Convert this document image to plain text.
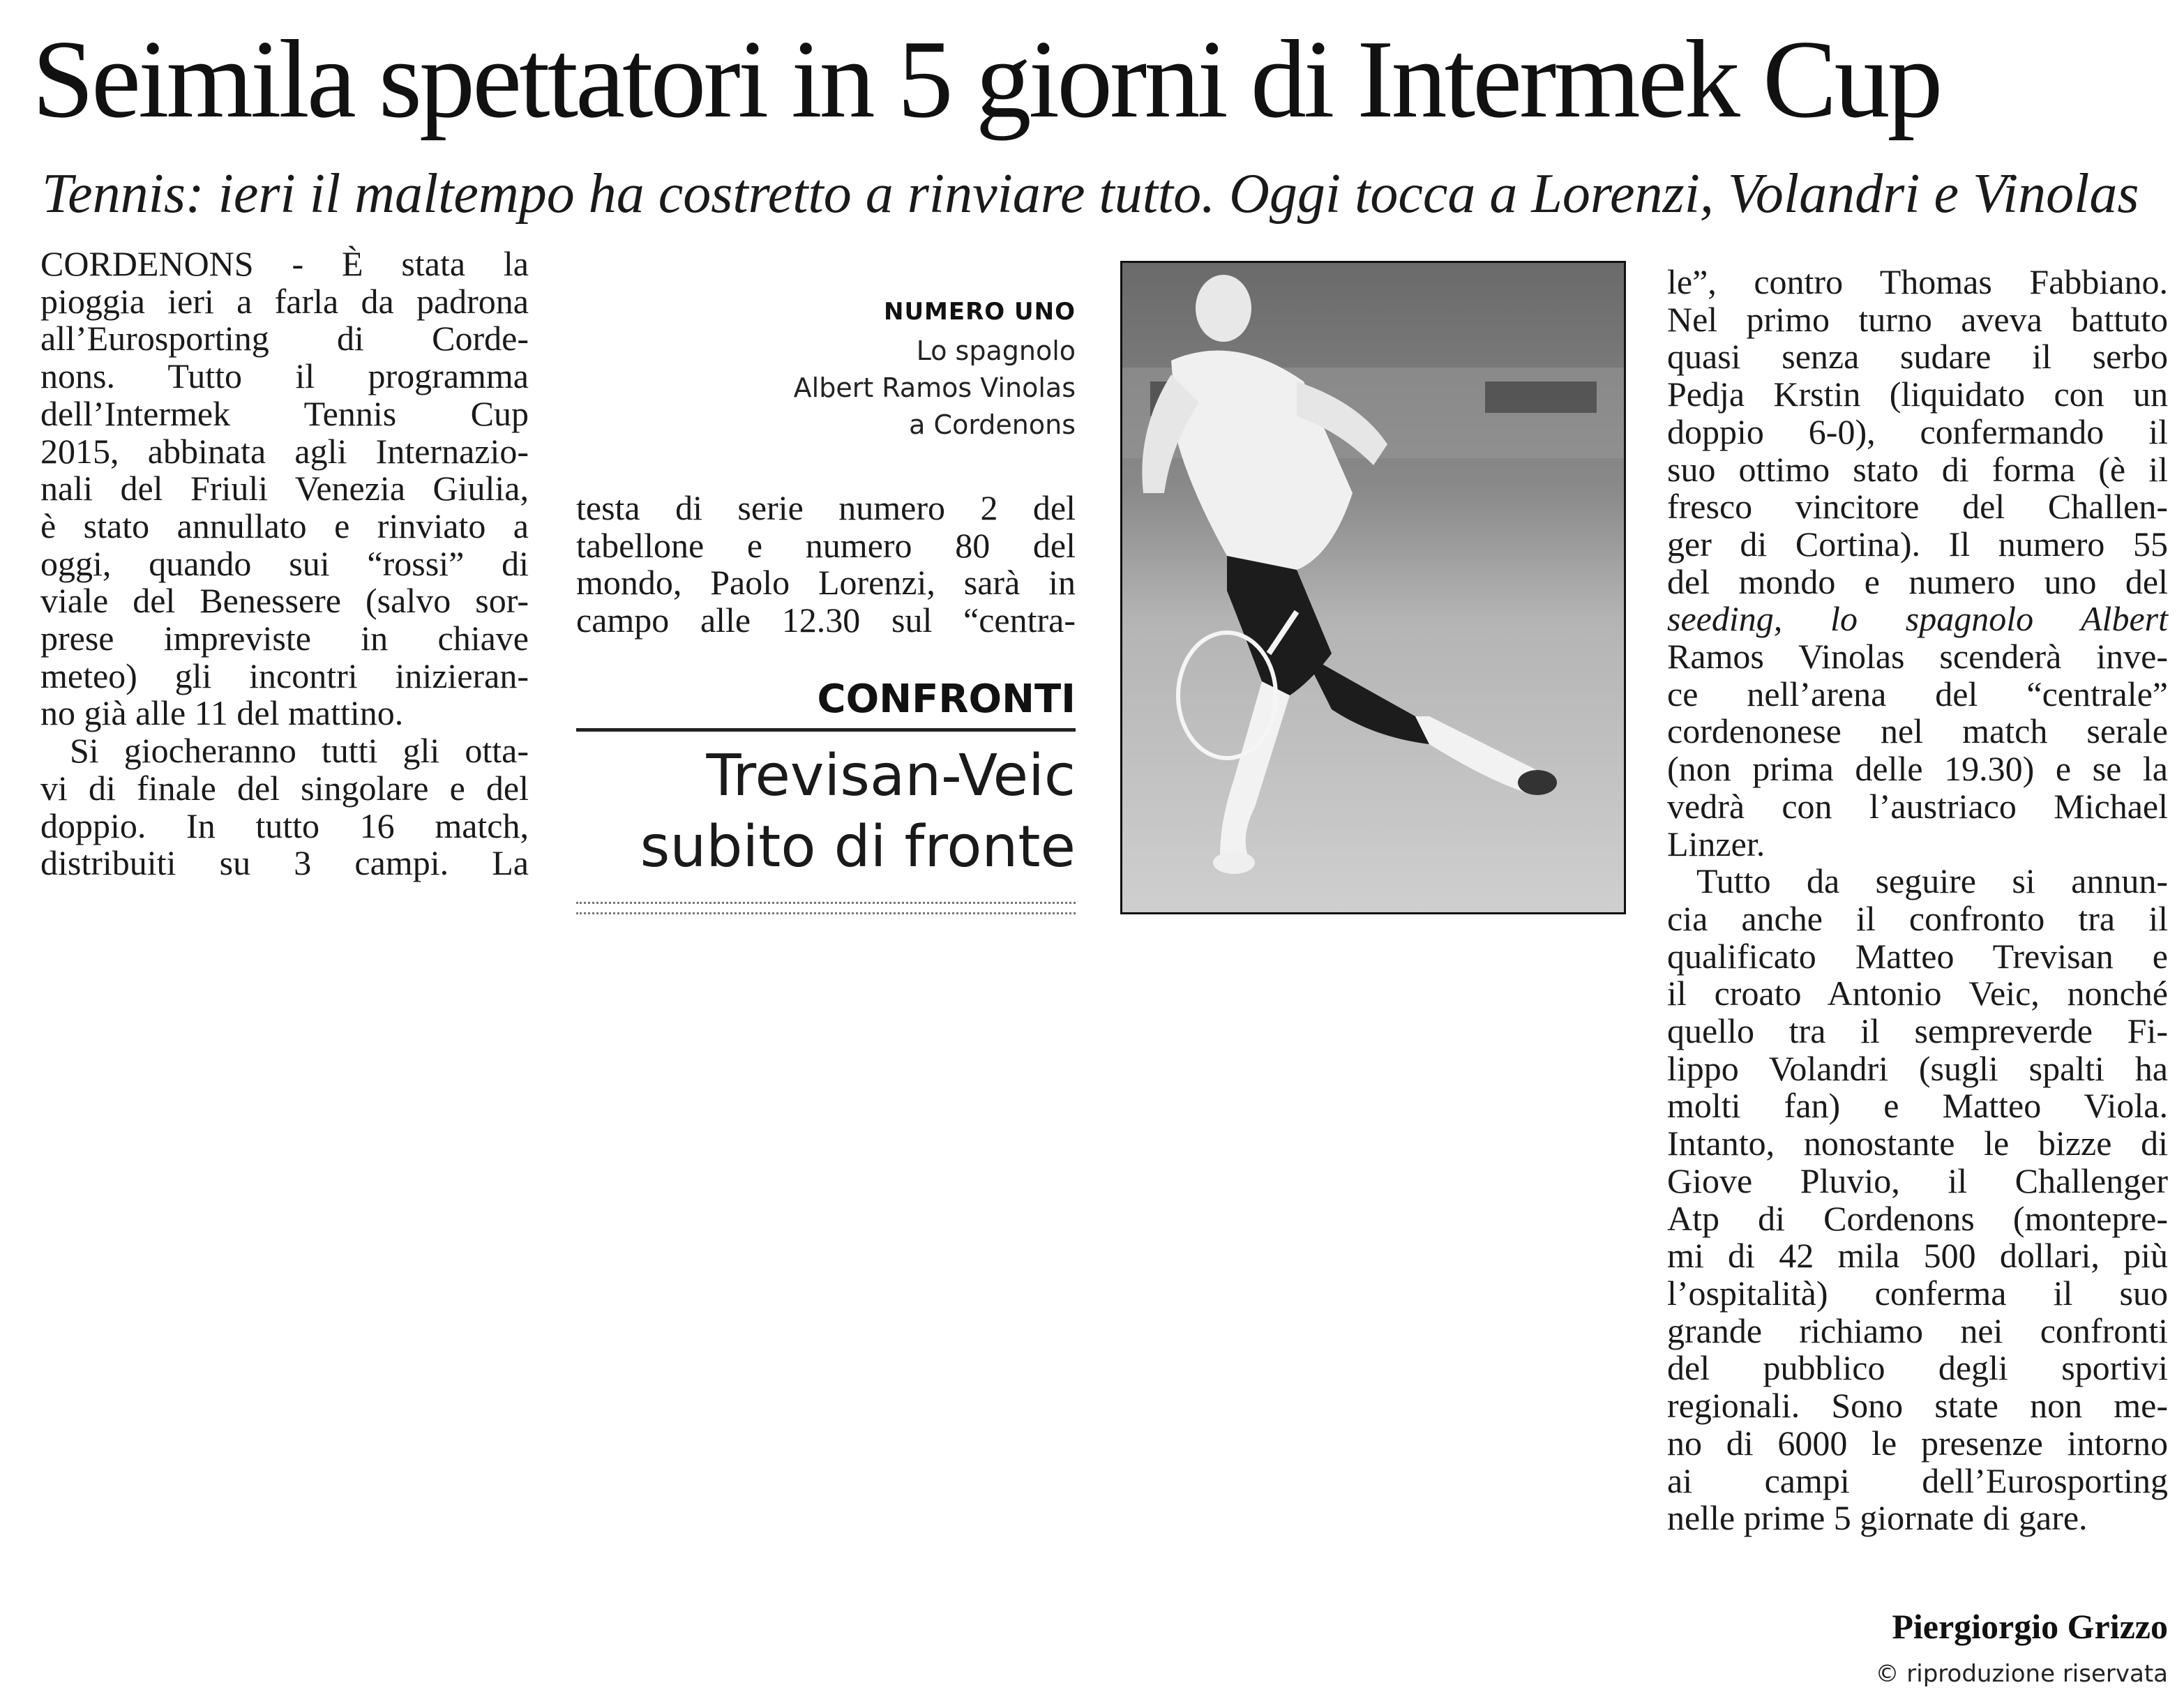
Seimila spettatori in 5 giorni di Intermek Cup
Tennis: ieri il maltempo ha costretto a rinviare tutto. Oggi tocca a Lorenzi, Volandri e Vinolas

CORDENONS - È stata la

pioggia ieri a farla da padrona

all’Eurosporting di Corde-

nons. Tutto il programma

dell’Intermek Tennis Cup

2015, abbinata agli Internazio-

nali del Friuli Venezia Giulia,

è stato annullato e rinviato a

oggi, quando sui “rossi” di

viale del Benessere (salvo sor-

prese impreviste in chiave

meteo) gli incontri inizieran-

no già alle 11 del mattino.

Si giocheranno tutti gli otta-

vi di finale del singolare e del

doppio. In tutto 16 match,

distribuiti su 3 campi. La

NUMERO UNO
Lo spagnolo
Albert Ramos Vinolas
a Cordenons

testa di serie numero 2 del

tabellone e numero 80 del

mondo, Paolo Lorenzi, sarà in

campo alle 12.30 sul “centra-

CONFRONTI
Trevisan-Veic
subito di fronte

le”, contro Thomas Fabbiano.

Nel primo turno aveva battuto

quasi senza sudare il serbo

Pedja Krstin (liquidato con un

doppio 6-0), confermando il

suo ottimo stato di forma (è il

fresco vincitore del Challen-

ger di Cortina). Il numero 55

del mondo e numero uno del

seeding, lo spagnolo Albert

Ramos Vinolas scenderà inve-

ce nell’arena del “centrale”

cordenonese nel match serale

(non prima delle 19.30) e se la

vedrà con l’austriaco Michael

Linzer.

Tutto da seguire si annun-

cia anche il confronto tra il

qualificato Matteo Trevisan e

il croato Antonio Veic, nonché

quello tra il sempreverde Fi-

lippo Volandri (sugli spalti ha

molti fan) e Matteo Viola.

Intanto, nonostante le bizze di

Giove Pluvio, il Challenger

Atp di Cordenons (montepre-

mi di 42 mila 500 dollari, più

l’ospitalità) conferma il suo

grande richiamo nei confronti

del pubblico degli sportivi

regionali. Sono state non me-

no di 6000 le presenze intorno

ai campi dell’Eurosporting

nelle prime 5 giornate di gare.

Piergiorgio Grizzo
© riproduzione riservata
